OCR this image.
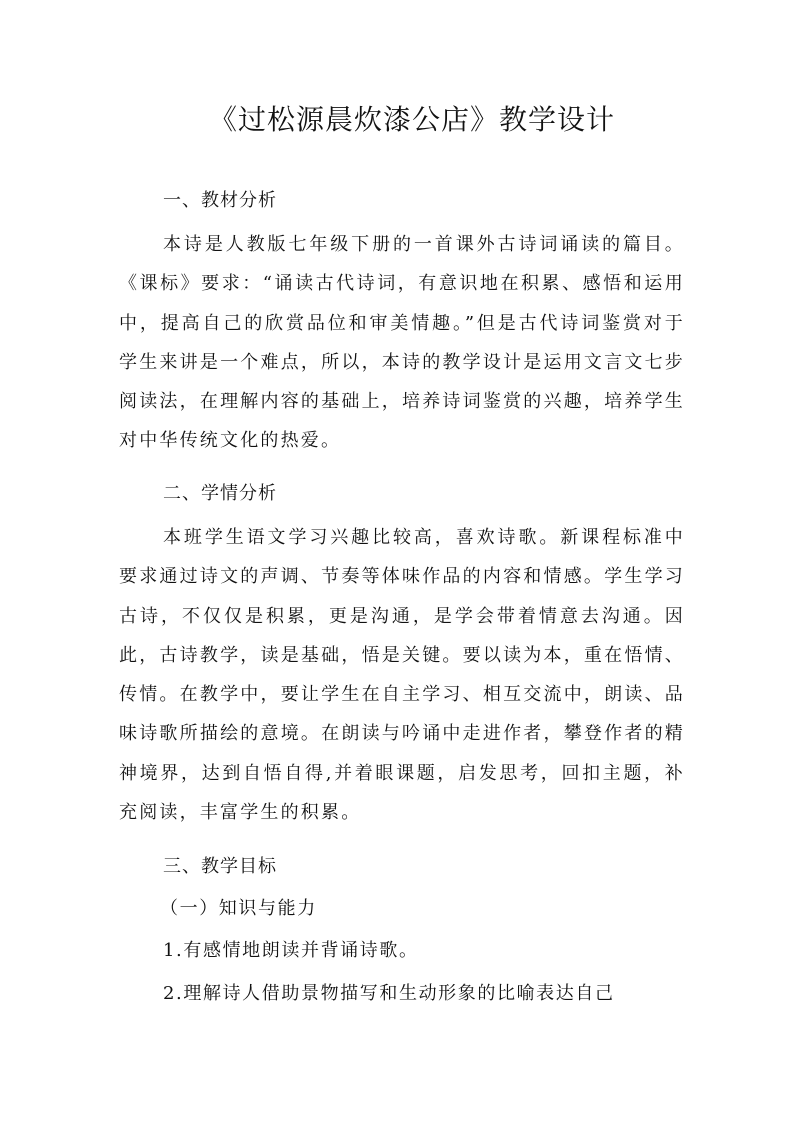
《过松源晨炊漆公店》教学设计
一、教材分析

本诗是人教版七年级下册的一首课外古诗词诵读的篇目。《课标》要求：“诵读古代诗词，有意识地在积累、感悟和运用中，提高自己的欣赏品位和审美情趣。”但是古代诗词鉴赏对于学生来讲是一个难点，所以，本诗的教学设计是运用文言文七步阅读法，在理解内容的基础上，培养诗词鉴赏的兴趣，培养学生对中华传统文化的热爱。

二、学情分析

本班学生语文学习兴趣比较高，喜欢诗歌。新课程标准中要求通过诗文的声调、节奏等体味作品的内容和情感。学生学习古诗，不仅仅是积累，更是沟通，是学会带着情意去沟通。因此，古诗教学，读是基础，悟是关键。要以读为本，重在悟情、传情。在教学中，要让学生在自主学习、相互交流中，朗读、品味诗歌所描绘的意境。在朗读与吟诵中走进作者，攀登作者的精 神境界，达到自悟自得,并着眼课题，启发思考，回扣主题，补充阅读，丰富学生的积累。

三、教学目标
（一）知识与能力
1.有感情地朗读并背诵诗歌。
2.理解诗人借助景物描写和生动形象的比喻表达自己
